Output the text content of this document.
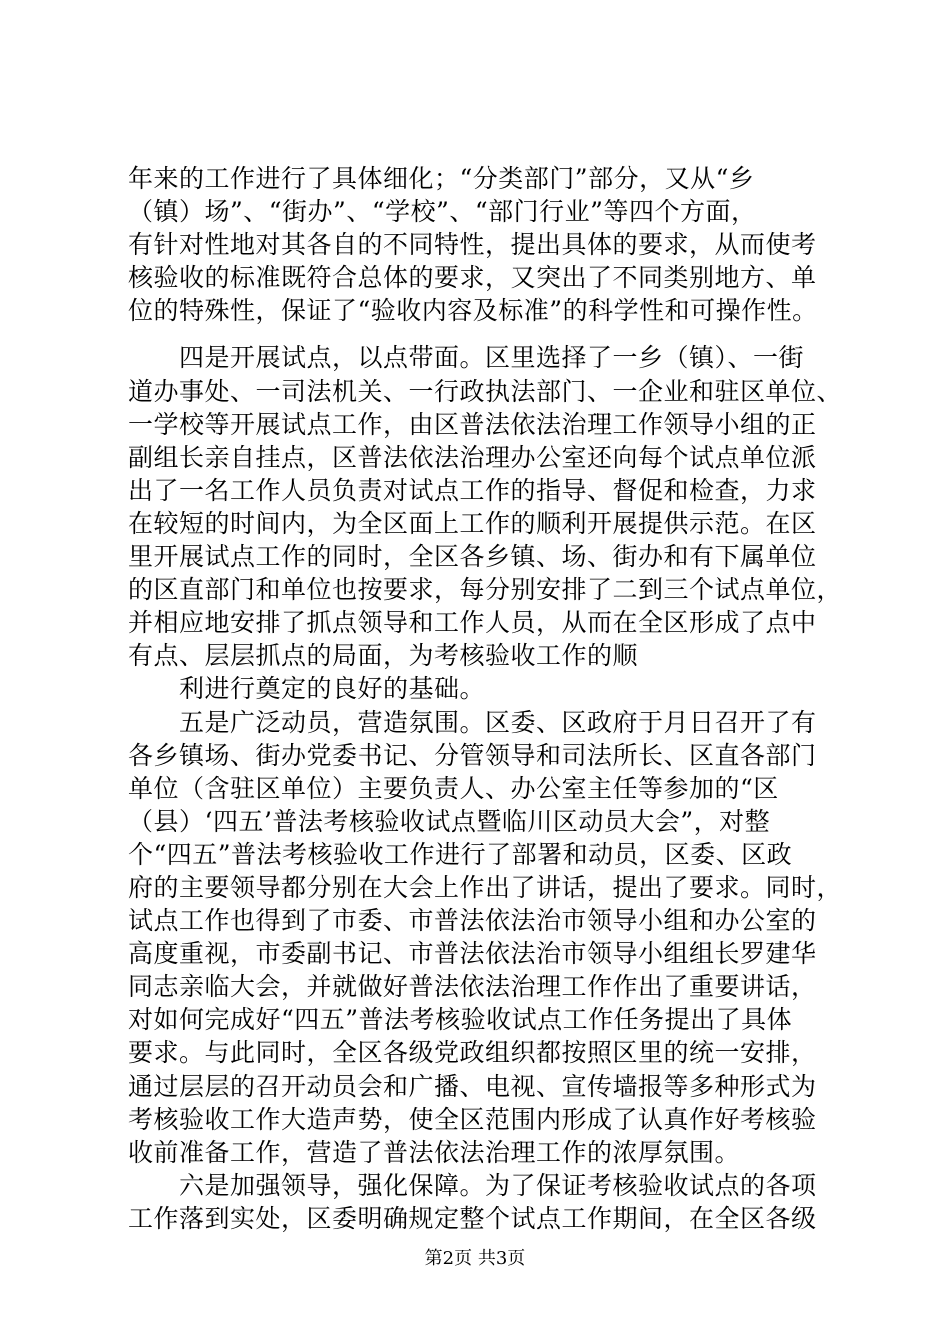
年来的工作进行了具体细化；“分类部门”部分，又从“乡
（镇）场”、“街办”、“学校”、“部门行业”等四个方面，
有针对性地对其各自的不同特性，提出具体的要求，从而使考
核验收的标准既符合总体的要求，又突出了不同类别地方、单
位的特殊性，保证了“验收内容及标准”的科学性和可操作性。
　　四是开展试点，以点带面。区里选择了一乡（镇）、一街
道办事处、一司法机关、一行政执法部门、一企业和驻区单位、
一学校等开展试点工作，由区普法依法治理工作领导小组的正
副组长亲自挂点，区普法依法治理办公室还向每个试点单位派
出了一名工作人员负责对试点工作的指导、督促和检查，力求
在较短的时间内，为全区面上工作的顺利开展提供示范。在区
里开展试点工作的同时，全区各乡镇、场、街办和有下属单位
的区直部门和单位也按要求，每分别安排了二到三个试点单位，
并相应地安排了抓点领导和工作人员，从而在全区形成了点中
有点、层层抓点的局面，为考核验收工作的顺
　　利进行奠定的良好的基础。
　　五是广泛动员，营造氛围。区委、区政府于月日召开了有
各乡镇场、街办党委书记、分管领导和司法所长、区直各部门
单位（含驻区单位）主要负责人、办公室主任等参加的“区
（县）‘四五’普法考核验收试点暨临川区动员大会”，对整
个“四五”普法考核验收工作进行了部署和动员，区委、区政
府的主要领导都分别在大会上作出了讲话，提出了要求。同时，
试点工作也得到了市委、市普法依法治市领导小组和办公室的
高度重视，市委副书记、市普法依法治市领导小组组长罗建华
同志亲临大会，并就做好普法依法治理工作作出了重要讲话，
对如何完成好“四五”普法考核验收试点工作任务提出了具体
要求。与此同时，全区各级党政组织都按照区里的统一安排，
通过层层的召开动员会和广播、电视、宣传墙报等多种形式为
考核验收工作大造声势，使全区范围内形成了认真作好考核验
收前准备工作，营造了普法依法治理工作的浓厚氛围。
　　六是加强领导，强化保障。为了保证考核验收试点的各项
工作落到实处，区委明确规定整个试点工作期间，在全区各级
第2页 共3页
